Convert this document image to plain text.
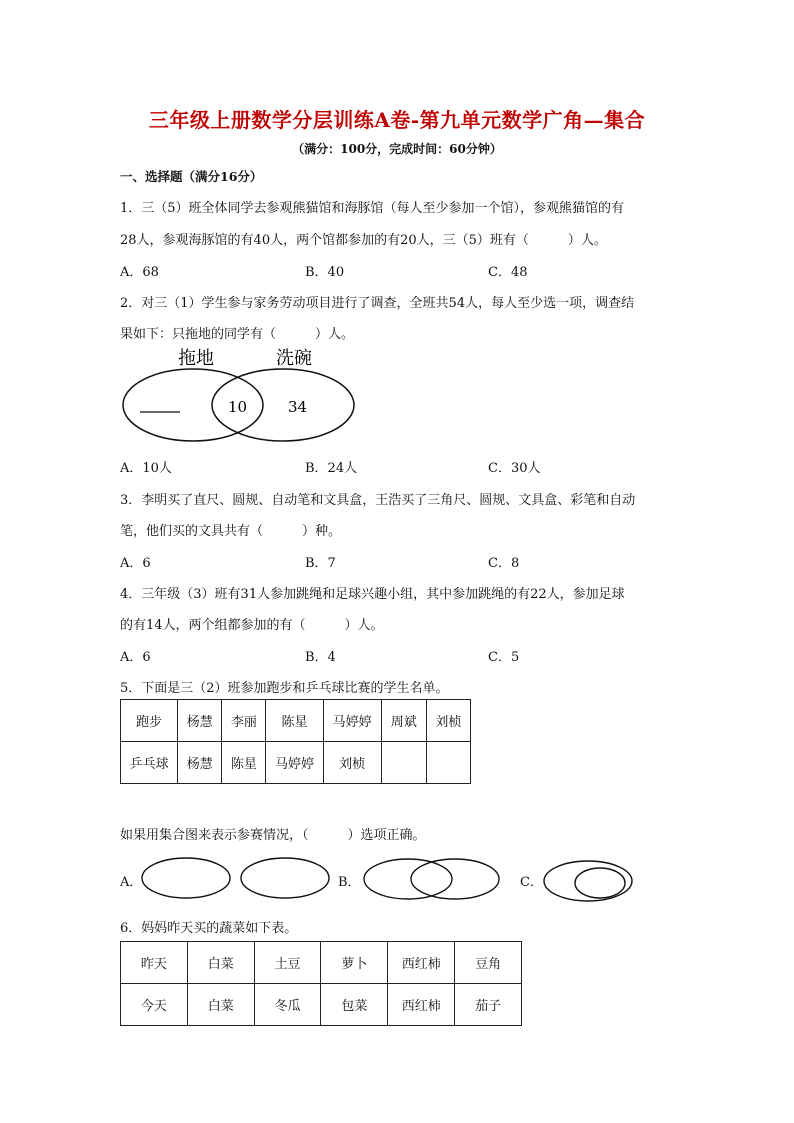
三年级上册数学分层训练A卷-第九单元数学广角—集合
（满分：100分，完成时间：60分钟）
一、选择题（满分16分）
1．三（5）班全体同学去参观熊猫馆和海豚馆（每人至少参加一个馆），参观熊猫馆的有
28人，参观海豚馆的有40人，两个馆都参加的有20人，三（5）班有（　　　）人。
A．68	B．40	C．48
2．对三（1）学生参与家务劳动项目进行了调查，全班共54人，每人至少选一项，调查结
果如下：只拖地的同学有（　　　）人。
拖地	洗碗
10	34
A．10人	B．24人	C．30人
3．李明买了直尺、圆规、自动笔和文具盒，王浩买了三角尺、圆规、文具盒、彩笔和自动
笔，他们买的文具共有（　　　）种。
A．6	B．7	C．8
4．三年级（3）班有31人参加跳绳和足球兴趣小组，其中参加跳绳的有22人，参加足球
的有14人，两个组都参加的有（　　　）人。
A．6	B．4	C．5
5．下面是三（2）班参加跑步和乒乓球比赛的学生名单。
跑步	杨慧	李丽	陈星	马婷婷	周斌	刘桢
乒乓球	杨慧	陈星	马婷婷	刘桢		
如果用集合图来表示参赛情况，（　　　）选项正确。
A．	B．	C．
6．妈妈昨天买的蔬菜如下表。
昨天	白菜	土豆	萝卜	西红柿	豆角
今天	白菜	冬瓜	包菜	西红柿	茄子
